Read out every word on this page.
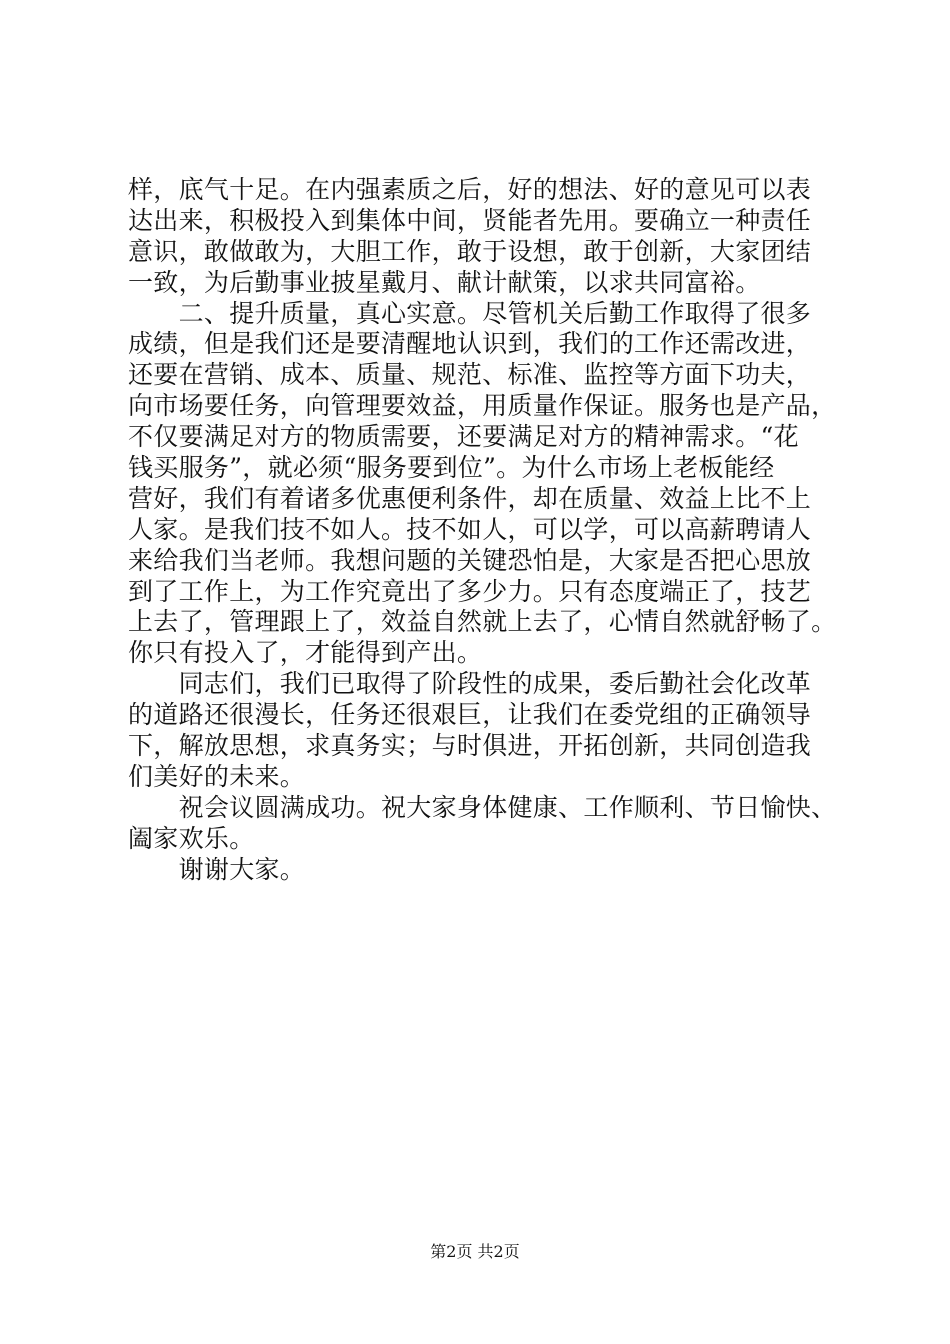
样，底气十足。在内强素质之后，好的想法、好的意见可以表
达出来，积极投入到集体中间，贤能者先用。要确立一种责任
意识，敢做敢为，大胆工作，敢于设想，敢于创新，大家团结
一致，为后勤事业披星戴月、献计献策，以求共同富裕。
　　二、提升质量，真心实意。尽管机关后勤工作取得了很多
成绩，但是我们还是要清醒地认识到，我们的工作还需改进，
还要在营销、成本、质量、规范、标准、监控等方面下功夫，
向市场要任务，向管理要效益，用质量作保证。服务也是产品，
不仅要满足对方的物质需要，还要满足对方的精神需求。“花
钱买服务”，就必须“服务要到位”。为什么市场上老板能经
营好，我们有着诸多优惠便利条件，却在质量、效益上比不上
人家。是我们技不如人。技不如人，可以学，可以高薪聘请人
来给我们当老师。我想问题的关键恐怕是，大家是否把心思放
到了工作上，为工作究竟出了多少力。只有态度端正了，技艺
上去了，管理跟上了，效益自然就上去了，心情自然就舒畅了。
你只有投入了，才能得到产出。
　　同志们，我们已取得了阶段性的成果，委后勤社会化改革
的道路还很漫长，任务还很艰巨，让我们在委党组的正确领导
下，解放思想，求真务实；与时俱进，开拓创新，共同创造我
们美好的未来。
　　祝会议圆满成功。祝大家身体健康、工作顺利、节日愉快、
阖家欢乐。
　　谢谢大家。
第2页 共2页
